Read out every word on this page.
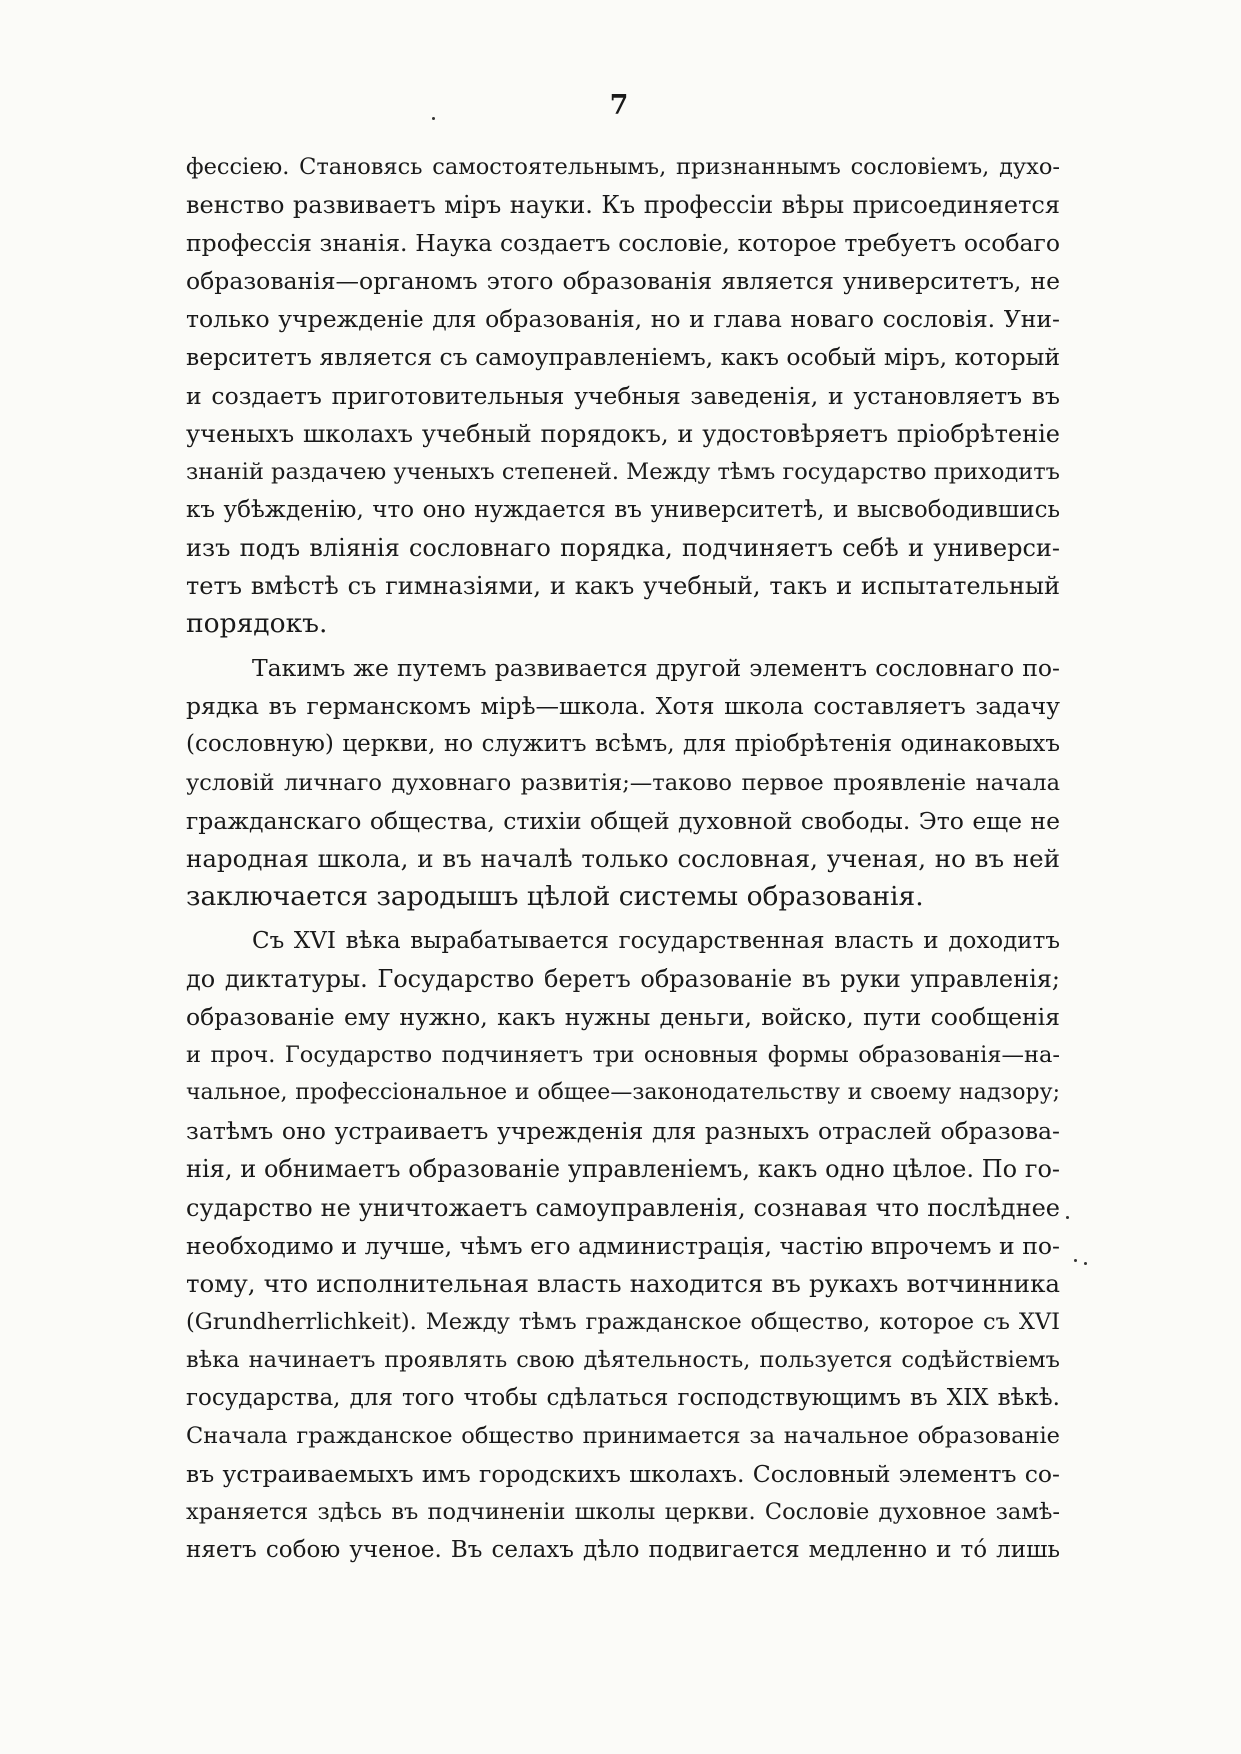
7
фессiею. Становясь самостоятельнымъ, признаннымъ сословiемъ, духо-
венство развиваетъ мiръ науки. Къ профессiи вѣры присоединяется
профессiя знанiя. Наука создаетъ сословiе, которое требуетъ особаго
образованiя—органомъ этого образованiя является университетъ, не
только учрежденiе для образованiя, но и глава новаго сословiя. Уни-
верситетъ является съ самоуправленiемъ, какъ особый мiръ, который
и создаетъ приготовительныя учебныя заведенiя, и установляетъ въ
ученыхъ школахъ учебный порядокъ, и удостовѣряетъ прiобрѣтенiе
знанiй раздачею ученыхъ степеней. Между тѣмъ государство приходитъ
къ убѣжденiю, что оно нуждается въ университетѣ, и высвободившись
изъ подъ влiянiя сословнаго порядка, подчиняетъ себѣ и универси-
тетъ вмѣстѣ съ гимназiями, и какъ учебный, такъ и испытательный
порядокъ.
Такимъ же путемъ развивается другой элементъ сословнаго по-
рядка въ германскомъ мiрѣ—школа. Хотя школа составляетъ задачу
(сословную) церкви, но служитъ всѣмъ, для прiобрѣтенiя одинаковыхъ
условiй личнаго духовнаго развитiя;—таково первое проявленiе начала
гражданскаго общества, стихiи общей духовной свободы. Это еще не
народная школа, и въ началѣ только сословная, ученая, но въ ней
заключается зародышъ цѣлой системы образованiя.
Съ XVI вѣка вырабатывается государственная власть и доходитъ
до диктатуры. Государство беретъ образованiе въ руки управленiя;
образованiе ему нужно, какъ нужны деньги, войско, пути сообщенiя
и проч. Государство подчиняетъ три основныя формы образованiя—на-
чальное, профессiональное и общее—законодательству и своему надзору;
затѣмъ оно устраиваетъ учрежденiя для разныхъ отраслей образова-
нiя, и обнимаетъ образованiе управленiемъ, какъ одно цѣлое. По го-
сударство не уничтожаетъ самоуправленiя, сознавая что послѣднее
необходимо и лучше, чѣмъ его администрацiя, частiю впрочемъ и по-
тому, что исполнительная власть находится въ рукахъ вотчинника
(Grundherrlichkeit). Между тѣмъ гражданское общество, которое съ XVI
вѣка начинаетъ проявлять свою дѣятельность, пользуется содѣйствiемъ
государства, для того чтобы сдѣлаться господствующимъ въ XIX вѣкѣ.
Сначала гражданское общество принимается за начальное образованiе
въ устраиваемыхъ имъ городскихъ школахъ. Сословный элементъ со-
храняется здѣсь въ подчиненiи школы церкви. Сословiе духовное замѣ-
няетъ собою ученое. Въ селахъ дѣло подвигается медленно и тó лишь
